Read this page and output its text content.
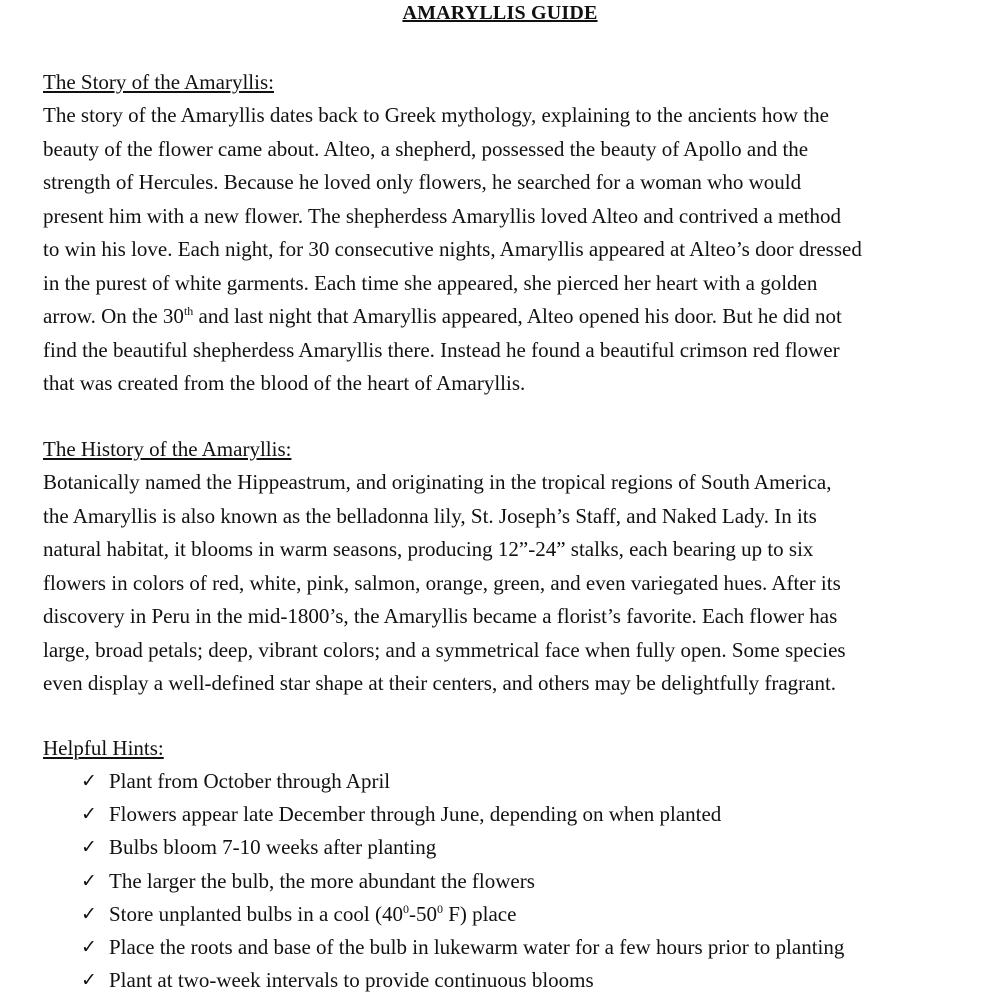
AMARYLLIS GUIDE
The Story of the Amaryllis:

The story of the Amaryllis dates back to Greek mythology, explaining to the ancients how the
beauty of the flower came about. Alteo, a shepherd, possessed the beauty of Apollo and the
strength of Hercules. Because he loved only flowers, he searched for a woman who would
present him with a new flower. The shepherdess Amaryllis loved Alteo and contrived a method
to win his love. Each night, for 30 consecutive nights, Amaryllis appeared at Alteo’s door dressed
in the purest of white garments. Each time she appeared, she pierced her heart with a golden
arrow. On the 30th and last night that Amaryllis appeared, Alteo opened his door. But he did not
find the beautiful shepherdess Amaryllis there. Instead he found a beautiful crimson red flower
that was created from the blood of the heart of Amaryllis.

The History of the Amaryllis:

Botanically named the Hippeastrum, and originating in the tropical regions of South America,
the Amaryllis is also known as the belladonna lily, St. Joseph’s Staff, and Naked Lady. In its
natural habitat, it blooms in warm seasons, producing 12”-24” stalks, each bearing up to six
flowers in colors of red, white, pink, salmon, orange, green, and even variegated hues. After its
discovery in Peru in the mid-1800’s, the Amaryllis became a florist’s favorite. Each flower has
large, broad petals; deep, vibrant colors; and a symmetrical face when fully open. Some species
even display a well-defined star shape at their centers, and others may be delightfully fragrant.

Helpful Hints:
✓ Plant from October through April
✓ Flowers appear late December through June, depending on when planted
✓ Bulbs bloom 7-10 weeks after planting
✓ The larger the bulb, the more abundant the flowers
✓ Store unplanted bulbs in a cool ($40^0-50^0$ F) place
✓ Place the roots and base of the bulb in lukewarm water for a few hours prior to planting
✓ Plant at two-week intervals to provide continuous blooms
